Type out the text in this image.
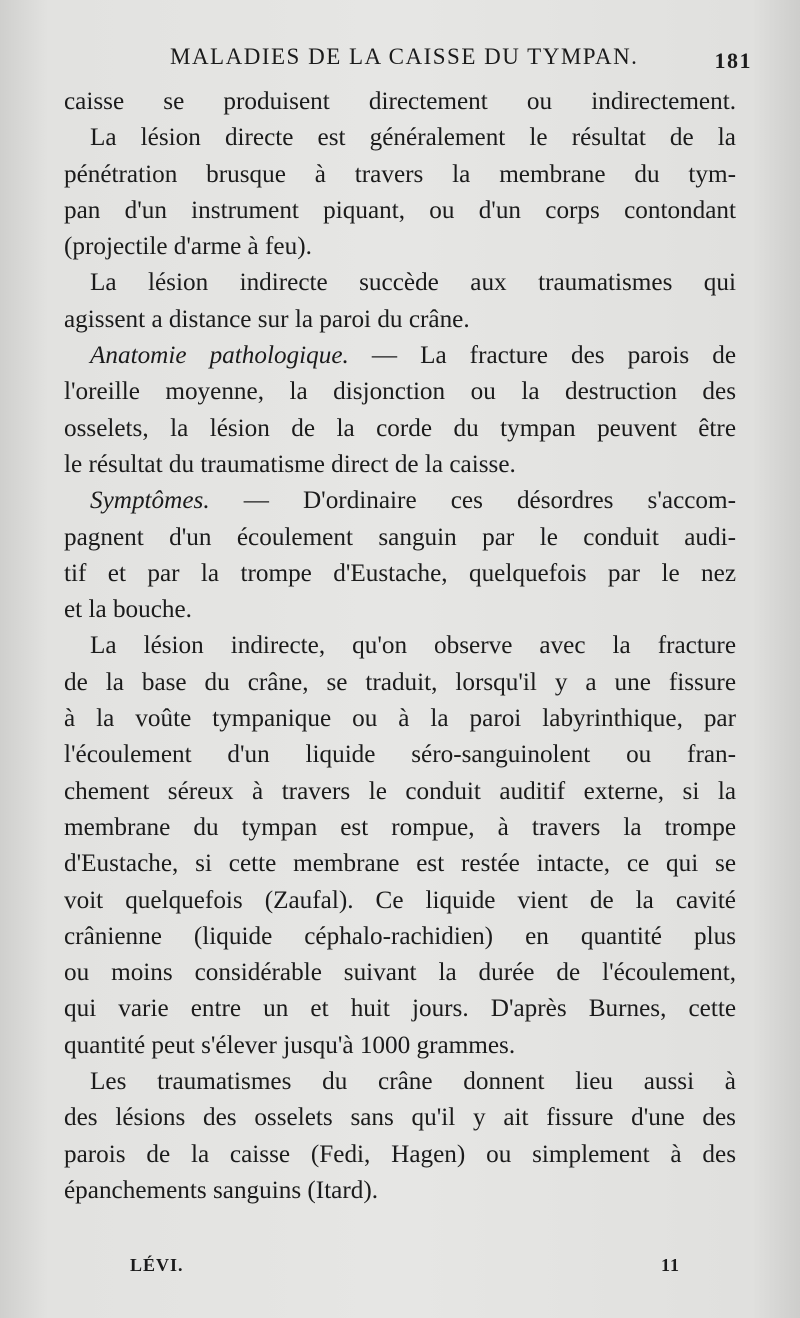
MALADIES DE LA CAISSE DU TYMPAN.	181
caisse se produisent directement ou indirectement.
La lésion directe est généralement le résultat de la
pénétration brusque à travers la membrane du tym-
pan d'un instrument piquant, ou d'un corps contondant
(projectile d'arme à feu).
La lésion indirecte succède aux traumatismes qui
agissent a distance sur la paroi du crâne.
Anatomie pathologique. — La fracture des parois de
l'oreille moyenne, la disjonction ou la destruction des
osselets, la lésion de la corde du tympan peuvent être
le résultat du traumatisme direct de la caisse.
Symptômes. — D'ordinaire ces désordres s'accom-
pagnent d'un écoulement sanguin par le conduit audi-
tif et par la trompe d'Eustache, quelquefois par le nez
et la bouche.
La lésion indirecte, qu'on observe avec la fracture
de la base du crâne, se traduit, lorsqu'il y a une fissure
à la voûte tympanique ou à la paroi labyrinthique, par
l'écoulement d'un liquide séro-sanguinolent ou fran-
chement séreux à travers le conduit auditif externe, si la
membrane du tympan est rompue, à travers la trompe
d'Eustache, si cette membrane est restée intacte, ce qui se
voit quelquefois (Zaufal). Ce liquide vient de la cavité
crânienne (liquide céphalo-rachidien) en quantité plus
ou moins considérable suivant la durée de l'écoulement,
qui varie entre un et huit jours. D'après Burnes, cette
quantité peut s'élever jusqu'à 1000 grammes.
Les traumatismes du crâne donnent lieu aussi à
des lésions des osselets sans qu'il y ait fissure d'une des
parois de la caisse (Fedi, Hagen) ou simplement à des
épanchements sanguins (Itard).
LÉVI.	11
